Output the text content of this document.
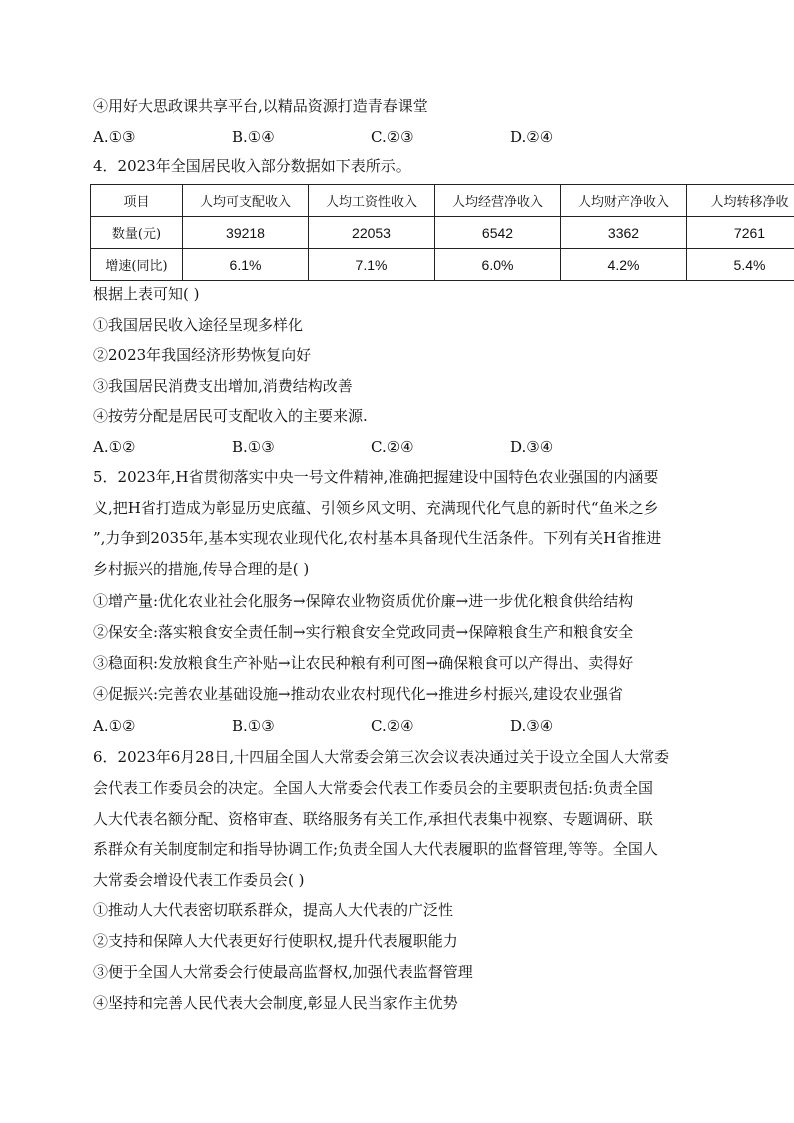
④用好大思政课共享平台,以精品资源打造青春课堂
A.①③	B.①④	C.②③	D.②④
4．2023年全国居民收入部分数据如下表所示。
项目	人均可支配收入	人均工资性收入	人均经营净收入	人均财产净收入	人均转移净收
数量(元)	39218	22053	6542	3362	7261
增速(同比)	6.1%	7.1%	6.0%	4.2%	5.4%
根据上表可知( )
①我国居民收入途径呈现多样化
②2023年我国经济形势恢复向好
③我国居民消费支出增加,消费结构改善
④按劳分配是居民可支配收入的主要来源.
A.①②	B.①③	C.②④	D.③④
5．2023年,H省贯彻落实中央一号文件精神,准确把握建设中国特色农业强国的内涵要
义,把H省打造成为彰显历史底蕴、引领乡风文明、充满现代化气息的新时代“鱼米之乡
”,力争到2035年,基本实现农业现代化,农村基本具备现代生活条件。下列有关H省推进
乡村振兴的措施,传导合理的是( )
①增产量:优化农业社会化服务→保障农业物资质优价廉→进一步优化粮食供给结构
②保安全:落实粮食安全责任制→实行粮食安全党政同责→保障粮食生产和粮食安全
③稳面积:发放粮食生产补贴→让农民种粮有利可图→确保粮食可以产得出、卖得好
④促振兴:完善农业基础设施→推动农业农村现代化→推进乡村振兴,建设农业强省
A.①②	B.①③	C.②④	D.③④
6．2023年6月28日,十四届全国人大常委会第三次会议表决通过关于设立全国人大常委
会代表工作委员会的决定。全国人大常委会代表工作委员会的主要职责包括:负责全国
人大代表名额分配、资格审查、联络服务有关工作,承担代表集中视察、专题调研、联
系群众有关制度制定和指导协调工作;负责全国人大代表履职的监督管理,等等。全国人
大常委会增设代表工作委员会( )
①推动人大代表密切联系群众，提高人大代表的广泛性
②支持和保障人大代表更好行使职权,提升代表履职能力
③便于全国人大常委会行使最高监督权,加强代表监督管理
④坚持和完善人民代表大会制度,彰显人民当家作主优势
